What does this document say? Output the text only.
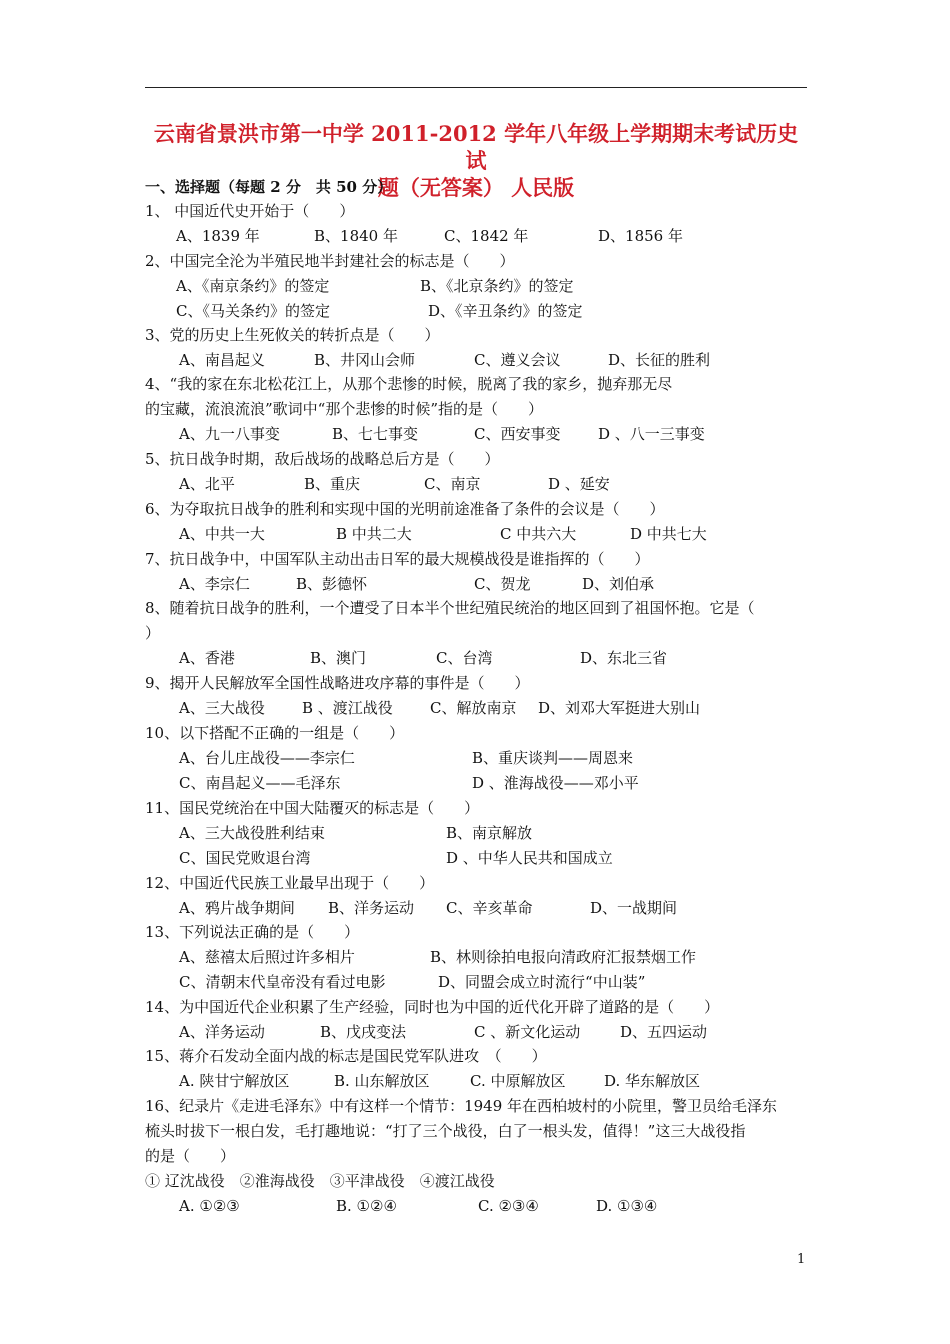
云南省景洪市第一中学 2011-2012 学年八年级上学期期末考试历史试
题（无答案） 人民版
一、选择题（每题 2 分　共 50 分）
1、 中国近代史开始于（　　）
2、中国完全沦为半殖民地半封建社会的标志是（　　）
3、党的历史上生死攸关的转折点是（　　）
4、“我的家在东北松花江上，从那个悲惨的时候，脱离了我的家乡，抛弃那无尽
的宝藏，流浪流浪”歌词中“那个悲惨的时候”指的是（　　）
5、抗日战争时期，敌后战场的战略总后方是（　　）
6、为夺取抗日战争的胜利和实现中国的光明前途准备了条件的会议是（　　）
7、抗日战争中，中国军队主动出击日军的最大规模战役是谁指挥的（　　）
8、随着抗日战争的胜利，一个遭受了日本半个世纪殖民统治的地区回到了祖国怀抱。它是（
）
9、揭开人民解放军全国性战略进攻序幕的事件是（　　）
10、以下搭配不正确的一组是（　　）
11、国民党统治在中国大陆覆灭的标志是（　　）
12、中国近代民族工业最早出现于（　　）
13、下列说法正确的是（　　）
14、为中国近代企业积累了生产经验，同时也为中国的近代化开辟了道路的是（　　）
15、蒋介石发动全面内战的标志是国民党军队进攻　（　　）
16、纪录片《走进毛泽东》中有这样一个情节：1949 年在西柏坡村的小院里，警卫员给毛泽东
梳头时拔下一根白发，毛打趣地说：“打了三个战役，白了一根头发，值得！”这三大战役指
的是（　　）
① 辽沈战役　②淮海战役　③平津战役　④渡江战役
A、1839 年	B、1840 年	C、1842 年	D、1856 年
A、《南京条约》的签定	B、《北京条约》的签定
C、《马关条约》的签定	D、《辛丑条约》的签定
A、南昌起义	B、井冈山会师	C、遵义会议	D、长征的胜利
A、九一八事变	B、七七事变	C、西安事变	D 、八一三事变
A、北平	B、重庆	C、南京	D 、延安
A、中共一大	B 中共二大	C 中共六大	D 中共七大
A、李宗仁	B、彭德怀	C、贺龙	D、刘伯承
A、香港	B、澳门	C、台湾	D、东北三省
A、三大战役 B 、渡江战役 C、解放南京 D、刘邓大军挺进大别山
A、台儿庄战役——李宗仁	B、重庆谈判——周恩来
C、南昌起义——毛泽东	D 、淮海战役——邓小平
A、三大战役胜利结束	B、南京解放
C、国民党败退台湾	D 、中华人民共和国成立
A、鸦片战争期间 B、洋务运动 C、辛亥革命	D、一战期间
A、慈禧太后照过许多相片	B、林则徐拍电报向清政府汇报禁烟工作
C、清朝末代皇帝没有看过电影	D、同盟会成立时流行“中山装”
A、洋务运动	B、戊戌变法	C 、新文化运动	D、五四运动
A. 陕甘宁解放区	B. 山东解放区	C. 中原解放区	D. 华东解放区
A. ①②③	B. ①②④	C. ②③④	D. ①③④
1
